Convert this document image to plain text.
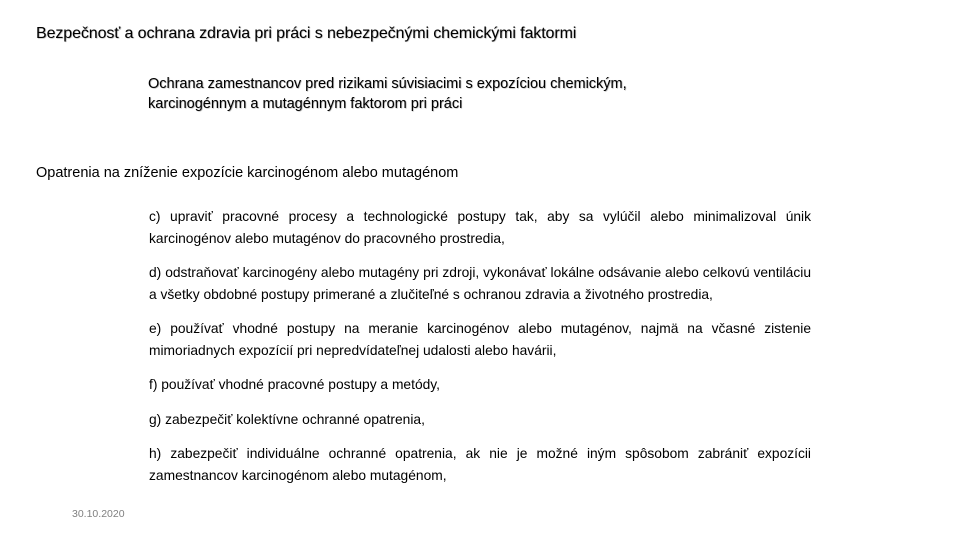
Bezpečnosť a ochrana zdravia pri práci s nebezpečnými chemickými faktormi
Ochrana zamestnancov pred rizikami súvisiacimi s expozíciou chemickým,
karcinogénnym a mutagénnym faktorom pri práci
Opatrenia na zníženie expozície karcinogénom alebo mutagénom
c) upraviť pracovné procesy a technologické postupy tak, aby sa vylúčil alebo minimalizoval únik karcinogénov alebo mutagénov do pracovného prostredia,
d) odstraňovať karcinogény alebo mutagény pri zdroji, vykonávať lokálne odsávanie alebo celkovú ventiláciu a všetky obdobné postupy primerané a zlučiteľné s ochranou zdravia a životného prostredia,
e) používať vhodné postupy na meranie karcinogénov alebo mutagénov, najmä na včasné zistenie mimoriadnych expozícií pri nepredvídateľnej udalosti alebo havárii,
f) používať vhodné pracovné postupy a metódy,
g) zabezpečiť kolektívne ochranné opatrenia,
h) zabezpečiť individuálne ochranné opatrenia, ak nie je možné iným spôsobom zabrániť expozícii zamestnancov karcinogénom alebo mutagénom,
30.10.2020
